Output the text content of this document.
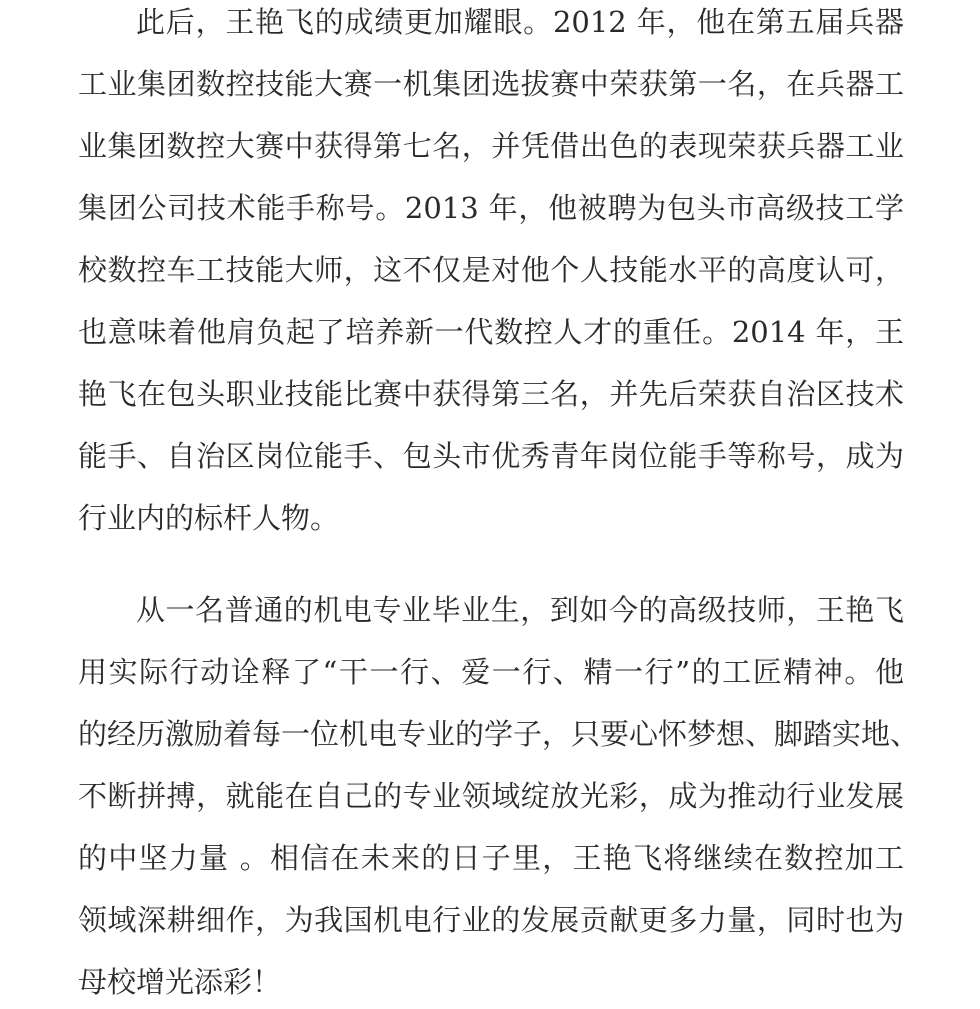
此后，王艳飞的成绩更加耀眼。2012 年，他在第五届兵器
工业集团数控技能大赛一机集团选拔赛中荣获第一名，在兵器工
业集团数控大赛中获得第七名，并凭借出色的表现荣获兵器工业
集团公司技术能手称号。2013 年，他被聘为包头市高级技工学
校数控车工技能大师，这不仅是对他个人技能水平的高度认可，
也意味着他肩负起了培养新一代数控人才的重任。2014 年，王
艳飞在包头职业技能比赛中获得第三名，并先后荣获自治区技术
能手、自治区岗位能手、包头市优秀青年岗位能手等称号，成为
行业内的标杆人物。
从一名普通的机电专业毕业生，到如今的高级技师，王艳飞
用实际行动诠释了“干一行、爱一行、精一行”的工匠精神。他
的经历激励着每一位机电专业的学子，只要心怀梦想、脚踏实地、
不断拼搏，就能在自己的专业领域绽放光彩，成为推动行业发展
的中坚力量 。相信在未来的日子里，王艳飞将继续在数控加工
领域深耕细作，为我国机电行业的发展贡献更多力量，同时也为
母校增光添彩！
